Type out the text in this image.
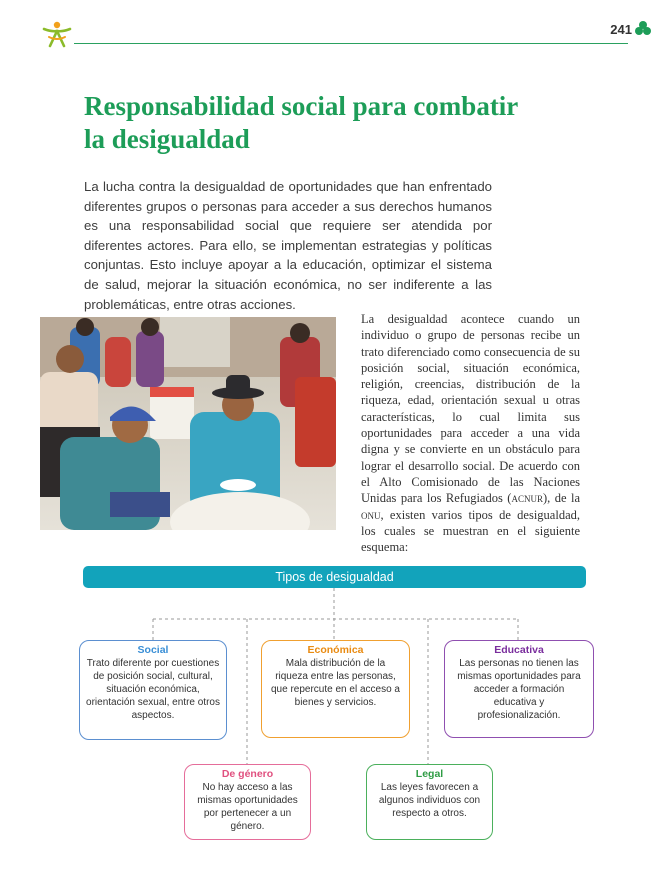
241
Responsabilidad social para combatir la desigualdad

La lucha contra la desigualdad de oportunidades que han enfrentado diferentes grupos o personas para acceder a sus derechos humanos es una responsabilidad social que requiere ser atendida por diferentes actores. Para ello, se implementan estrategias y políticas conjuntas. Esto incluye apoyar a la educación, optimizar el sistema de salud, mejorar la situación económica, no ser indiferente a las problemáticas, entre otras acciones.

La desigualdad acontece cuando un individuo o grupo de personas recibe un trato diferenciado como consecuencia de su posición social, situación económica, religión, creencias, distribución de la riqueza, edad, orientación sexual u otras características, lo cual limita sus oportunidades para acceder a una vida digna y se convierte en un obstáculo para lograr el desarrollo social. De acuerdo con el Alto Comisionado de las Naciones Unidas para los Refugiados (acnur), de la onu, existen varios tipos de desigualdad, los cuales se muestran en el siguiente esquema:

Tipos de desigualdad
Social
Trato diferente por cuestiones de posición social, cultural, situación económica, orientación sexual, entre otros aspectos.
Económica
Mala distribución de la riqueza entre las personas, que repercute en el acceso a bienes y servicios.
Educativa
Las personas no tienen las mismas oportunidades para acceder a formación educativa y profesionalización.
De género
No hay acceso a las mismas oportunidades por pertenecer a un género.
Legal
Las leyes favorecen a algunos individuos con respecto a otros.
